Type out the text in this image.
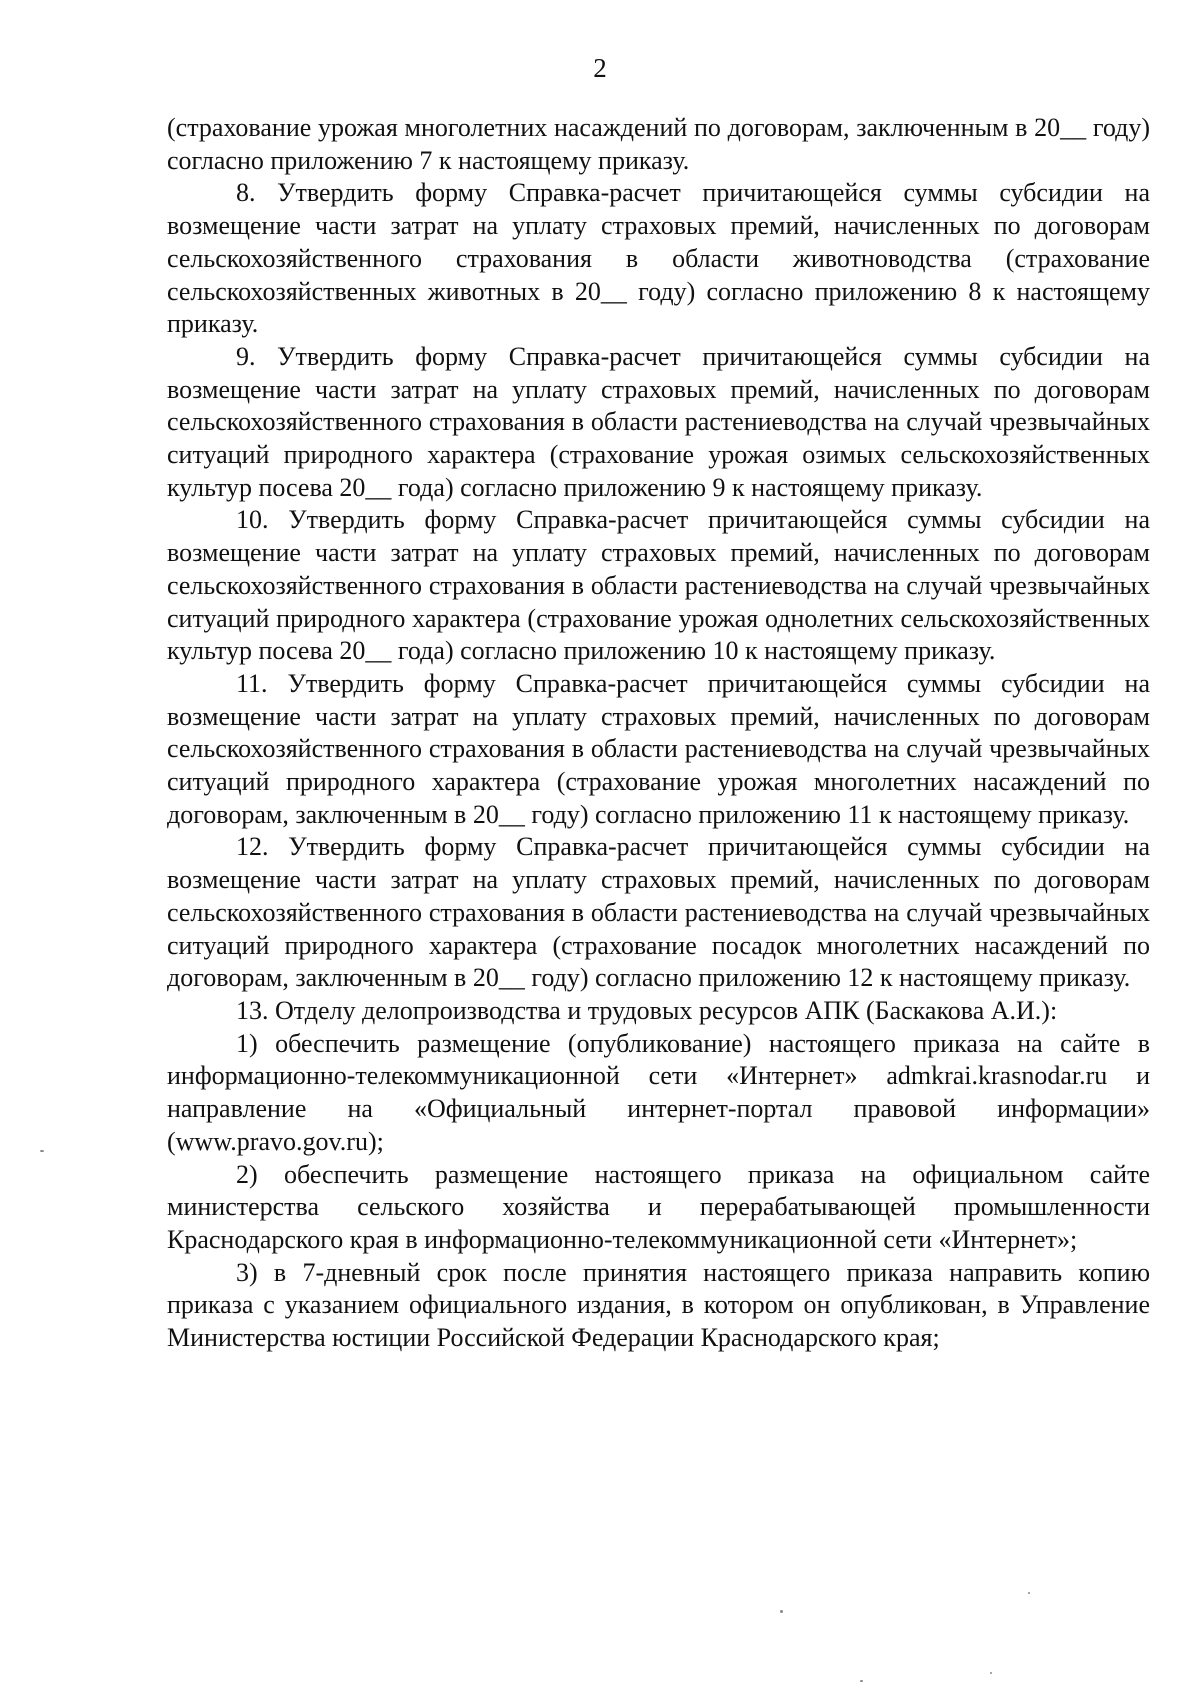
2

(страхование урожая многолетних насаждений по договорам, заключенным в 20__ году) согласно приложению 7 к настоящему приказу.

8. Утвердить форму Справка-расчет причитающейся суммы субсидии на возмещение части затрат на уплату страховых премий, начисленных по договорам сельскохозяйственного страхования в области животноводства (страхование сельскохозяйственных животных в 20__ году) согласно приложению 8 к настоящему приказу.

9. Утвердить форму Справка-расчет причитающейся суммы субсидии на возмещение части затрат на уплату страховых премий, начисленных по договорам сельскохозяйственного страхования в области растениеводства на случай чрезвычайных ситуаций природного характера (страхование урожая озимых сельскохозяйственных культур посева 20__ года) согласно приложению 9 к настоящему приказу.

10. Утвердить форму Справка-расчет причитающейся суммы субсидии на возмещение части затрат на уплату страховых премий, начисленных по договорам сельскохозяйственного страхования в области растениеводства на случай чрезвычайных ситуаций природного характера (страхование урожая однолетних сельскохозяйственных культур посева 20__ года) согласно приложению 10 к настоящему приказу.

11. Утвердить форму Справка-расчет причитающейся суммы субсидии на возмещение части затрат на уплату страховых премий, начисленных по договорам сельскохозяйственного страхования в области растениеводства на случай чрезвычайных ситуаций природного характера (страхование урожая многолетних насаждений по договорам, заключенным в 20__ году) согласно приложению 11 к настоящему приказу.

12. Утвердить форму Справка-расчет причитающейся суммы субсидии на возмещение части затрат на уплату страховых премий, начисленных по договорам сельскохозяйственного страхования в области растениеводства на случай чрезвычайных ситуаций природного характера (страхование посадок многолетних насаждений по договорам, заключенным в 20__ году) согласно приложению 12 к настоящему приказу.

13. Отделу делопроизводства и трудовых ресурсов АПК (Баскакова А.И.):

1) обеспечить размещение (опубликование) настоящего приказа на сайте в информационно-телекоммуникационной сети «Интернет» admkrai.krasnodar.ru и направление на «Официальный интернет-портал правовой информации» (www.pravo.gov.ru);

2) обеспечить размещение настоящего приказа на официальном сайте министерства сельского хозяйства и перерабатывающей промышленности Краснодарского края в информационно-телекоммуникационной сети «Интернет»;

3) в 7-дневный срок после принятия настоящего приказа направить копию приказа с указанием официального издания, в котором он опубликован, в Управление Министерства юстиции Российской Федерации Краснодарского края;
